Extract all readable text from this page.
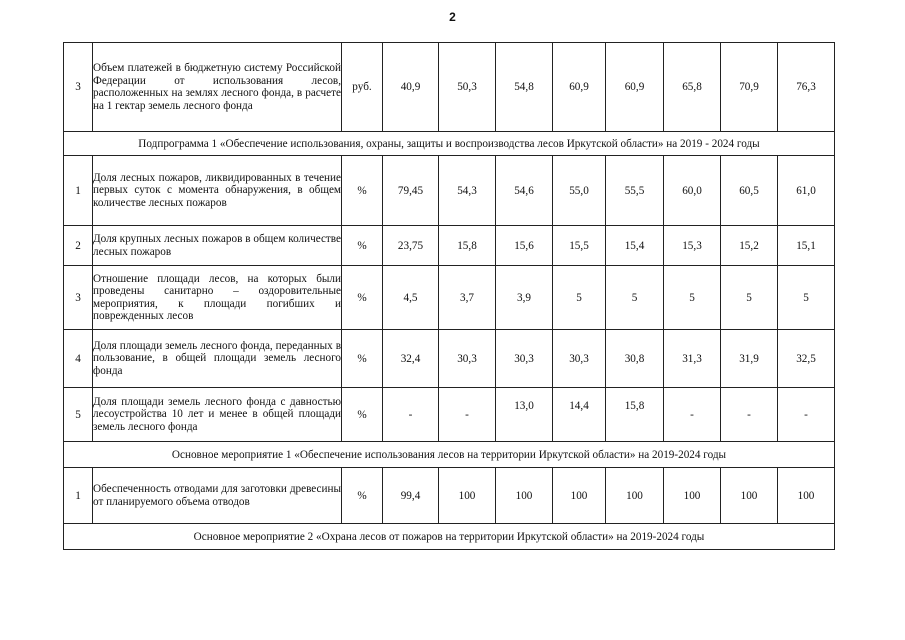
2
3	Объем платежей в бюджетную систему Российской Федерации от использования лесов, расположенных на землях лесного фонда, в расчете на 1 гектар земель лесного фонда	руб.	40,9	50,3	54,8	60,9	60,9	65,8	70,9	76,3
Подпрограмма 1 «Обеспечение использования, охраны, защиты и воспроизводства лесов Иркутской области» на 2019 - 2024 годы										
1	Доля лесных пожаров, ликвидированных в течение первых суток с момента обнаружения, в общем количестве лесных пожаров	%	79,45	54,3	54,6	55,0	55,5	60,0	60,5	61,0
2	Доля крупных лесных пожаров в общем количестве лесных пожаров	%	23,75	15,8	15,6	15,5	15,4	15,3	15,2	15,1
3	Отношение площади лесов, на которых были проведены санитарно – оздоровительные мероприятия, к площади погибших и поврежденных лесов	%	4,5	3,7	3,9	5	5	5	5	5
4	Доля площади земель лесного фонда, переданных в пользование, в общей площади земель лесного фонда	%	32,4	30,3	30,3	30,3	30,8	31,3	31,9	32,5
5	Доля площади земель лесного фонда с давностью лесоустройства 10 лет и менее в общей площади земель лесного фонда	%	-	-	13,0	14,4	15,8	-	-	-
Основное мероприятие 1 «Обеспечение использования лесов на территории Иркутской области» на 2019-2024 годы										
1	Обеспеченность отводами для заготовки древесины от планируемого объема отводов	%	99,4	100	100	100	100	100	100	100
Основное мероприятие 2 «Охрана лесов от пожаров на территории Иркутской области» на 2019-2024 годы										
